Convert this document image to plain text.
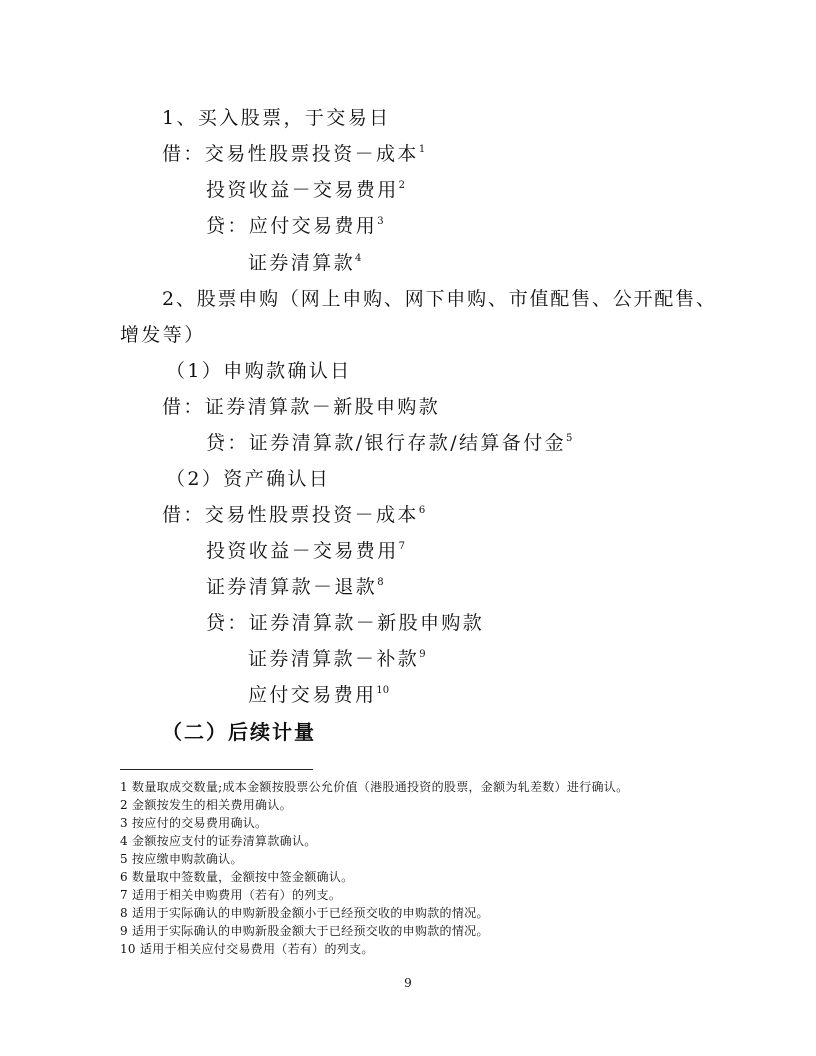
1、买入股票，于交易日
借：交易性股票投资－成本$^1$
投资收益－交易费用$^2$
贷：应付交易费用$^3$
证券清算款$^4$
2、股票申购（网上申购、网下申购、市值配售、公开配售、
增发等）
（1）申购款确认日
借：证券清算款－新股申购款
贷：证券清算款/银行存款/结算备付金$^5$
（2）资产确认日
借：交易性股票投资－成本$^6$
投资收益－交易费用$^7$
证券清算款－退款$^8$
贷：证券清算款－新股申购款
证券清算款－补款$^9$
应付交易费用$^{10}$
（二）后续计量
1 数量取成交数量;成本金额按股票公允价值（港股通投资的股票，金额为轧差数）进行确认。
2 金额按发生的相关费用确认。
3 按应付的交易费用确认。
4 金额按应支付的证券清算款确认。
5 按应缴申购款确认。
6 数量取中签数量，金额按中签金额确认。
7 适用于相关申购费用（若有）的列支。
8 适用于实际确认的申购新股金额小于已经预交收的申购款的情况。
9 适用于实际确认的申购新股金额大于已经预交收的申购款的情况。
10 适用于相关应付交易费用（若有）的列支。
9
